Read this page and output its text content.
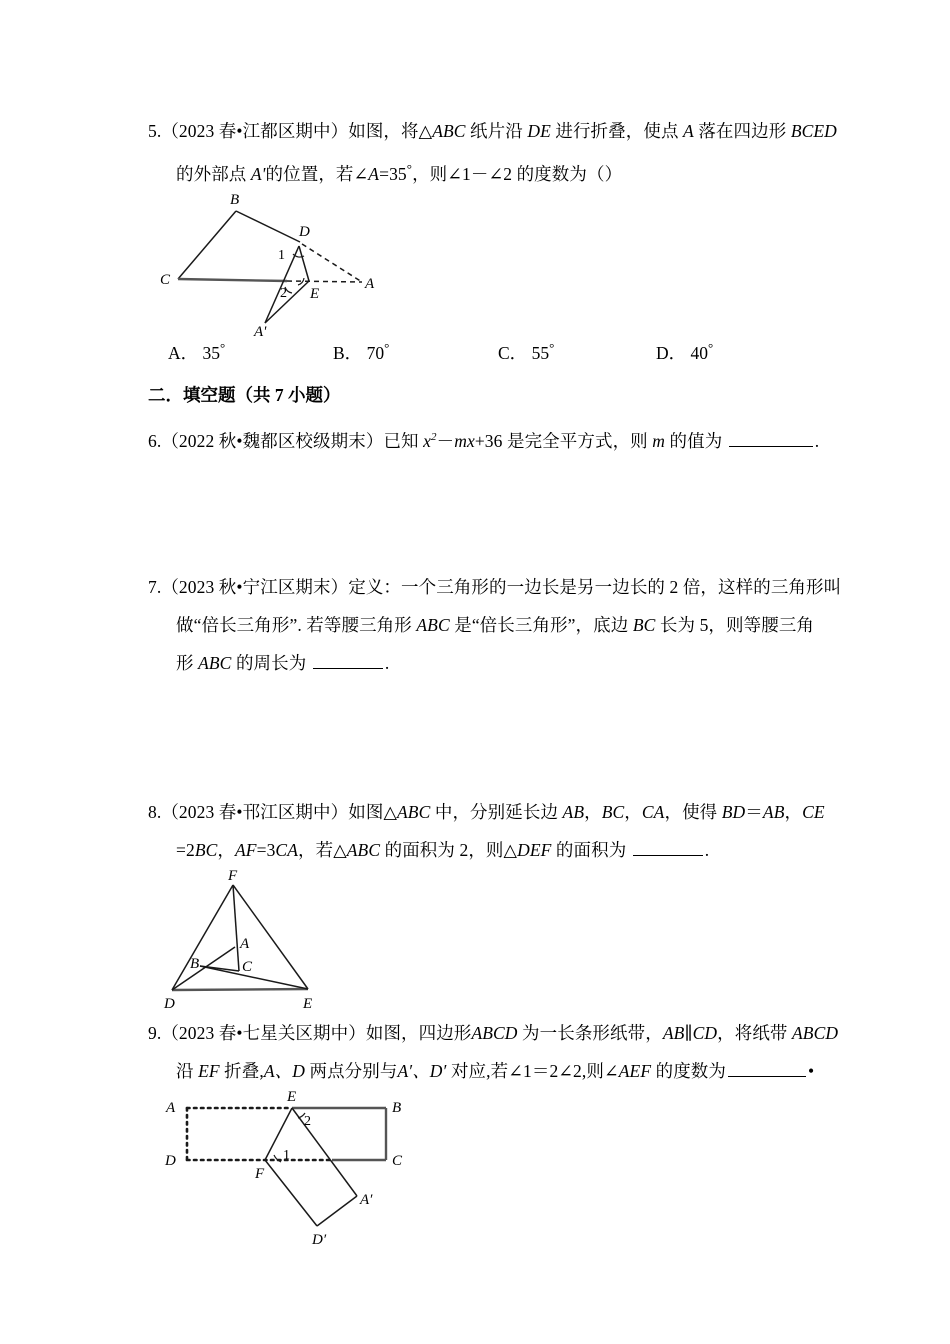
5.（2023 春•江都区期中）如图，将△ABC 纸片沿 DE 进行折叠，使点 A 落在四边形 BCED
的外部点 A'的位置，若∠A=35°，则∠1－∠2 的度数为（）
B
C
D
E
A
A'
1
2
A． 35°	B． 70°	C． 55°	D． 40°
二．填空题（共 7 小题）
6.（2022 秋•魏都区校级期末）已知 $x^2-mx+36$ 是完全平方式，则 m 的值为	.
7.（2023 秋•宁江区期末）定义：一个三角形的一边长是另一边长的 2 倍，这样的三角形叫
做“倍长三角形”. 若等腰三角形 ABC 是“倍长三角形”，底边 BC 长为 5，则等腰三角
形 ABC 的周长为	.
8.（2023 春•邗江区期中）如图△ABC 中，分别延长边 AB，BC，CA，使得 BD＝AB，CE
=2BC，AF=3CA，若△ABC 的面积为 2，则△DEF 的面积为	.
F
A
B	C
D	E
9.（2023 春•七星关区期中）如图，四边形ABCD 为一长条形纸带，AB∥CD，将纸带 ABCD
沿 EF 折叠,A、D 两点分别与A′、D′ 对应,若∠1＝2∠2,则∠AEF 的度数为	•
A	B
C
D
E
F
A′
D′
1
2
